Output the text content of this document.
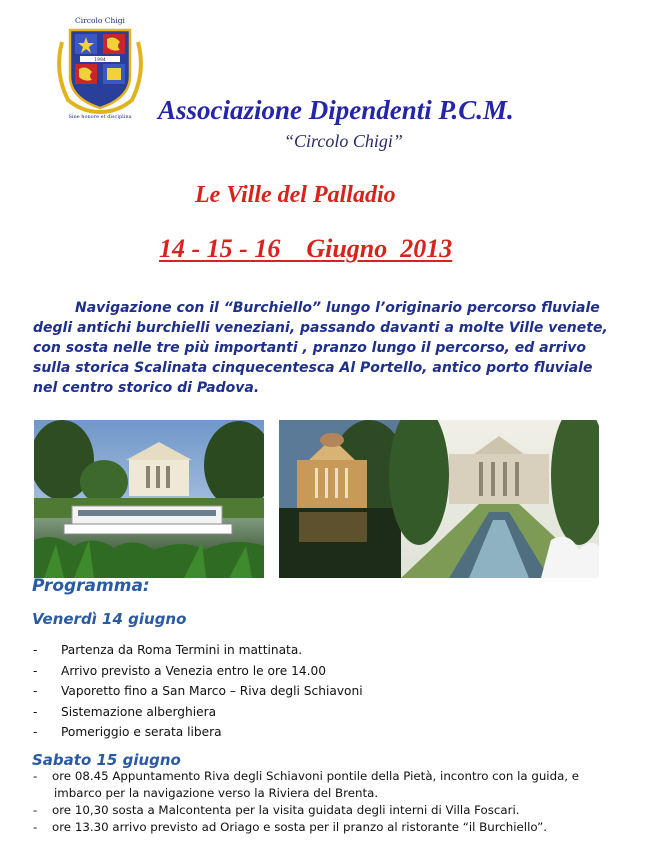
Circolo Chigi
1994
Sine honore et disciplina Associazione Dipendenti P.C.M.
“Circolo Chigi”
Le Ville del Palladio
14 - 15 - 16    Giugno  2013
Navigazione con il “Burchiello” lungo l’originario percorso fluviale
degli antichi burchielli veneziani, passando davanti a molte Ville venete,
con sosta nelle tre più importanti , pranzo lungo il percorso, ed arrivo
sulla storica Scalinata cinquecentesca Al Portello, antico porto fluviale
nel centro storico di Padova.
Programma:
Venerdì 14 giugno
- Partenza da Roma Termini in mattinata.
- Arrivo previsto a Venezia entro le ore 14.00
- Vaporetto fino a San Marco – Riva degli Schiavoni
- Sistemazione alberghiera
- Pomeriggio e serata libera
Sabato 15 giugno
- ore 08.45 Appuntamento Riva degli Schiavoni pontile della Pietà, incontro con la guida, e
imbarco per la navigazione verso la Riviera del Brenta.
- ore 10,30 sosta a Malcontenta per la visita guidata degli interni di Villa Foscari.
- ore 13.30 arrivo previsto ad Oriago e sosta per il pranzo al ristorante “il Burchiello”.
